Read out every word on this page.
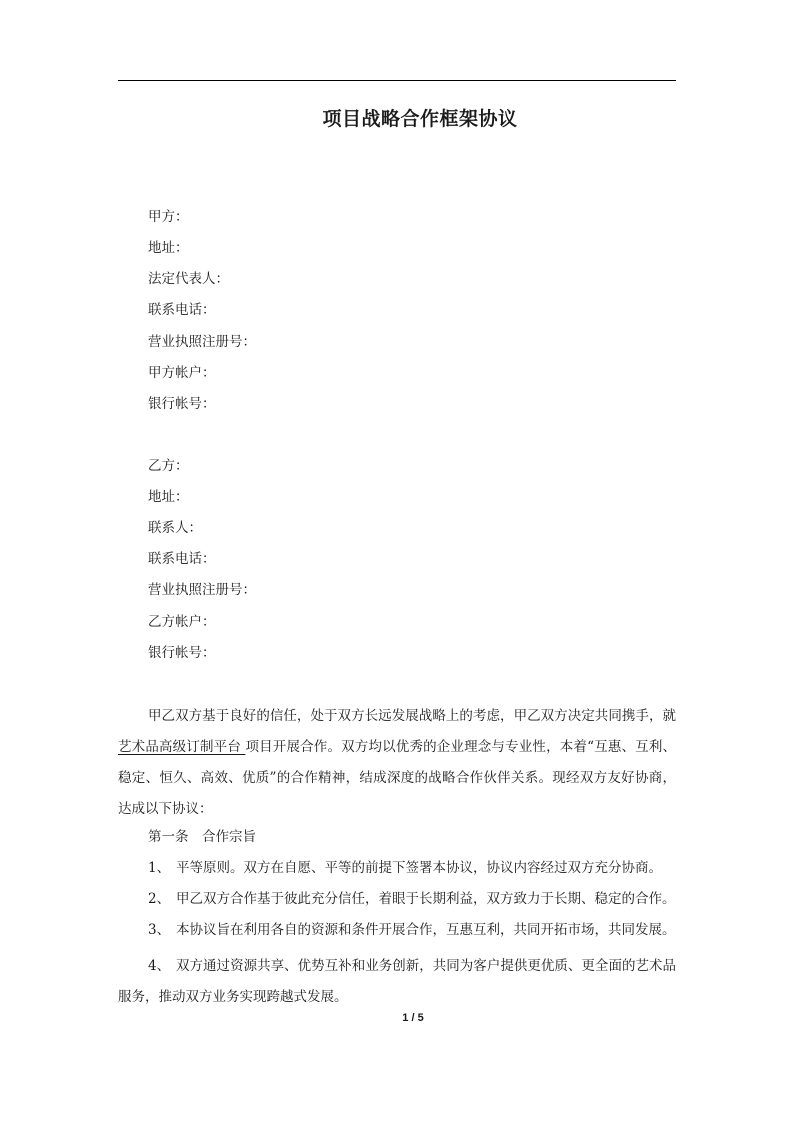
项目战略合作框架协议
甲方：
地址：
法定代表人：
联系电话：
营业执照注册号：
甲方帐户：
银行帐号：
乙方：
地址：
联系人：
联系电话：
营业执照注册号：
乙方帐户：
银行帐号：
甲乙双方基于良好的信任，处于双方长远发展战略上的考虑，甲乙双方决定共同携手，就 艺术品高级订制平台 项目开展合作。双方均以优秀的企业理念与专业性，本着“互惠、互利、稳定、恒久、高效、优质”的合作精神，结成深度的战略合作伙伴关系。现经双方友好协商，达成以下协议：
第一条　合作宗旨
1、 平等原则。双方在自愿、平等的前提下签署本协议，协议内容经过双方充分协商。
2、 甲乙双方合作基于彼此充分信任，着眼于长期利益，双方致力于长期、稳定的合作。
3、 本协议旨在利用各自的资源和条件开展合作，互惠互利，共同开拓市场，共同发展。
4、 双方通过资源共享、优势互补和业务创新，共同为客户提供更优质、更全面的艺术品服务，推动双方业务实现跨越式发展。
1 / 5
